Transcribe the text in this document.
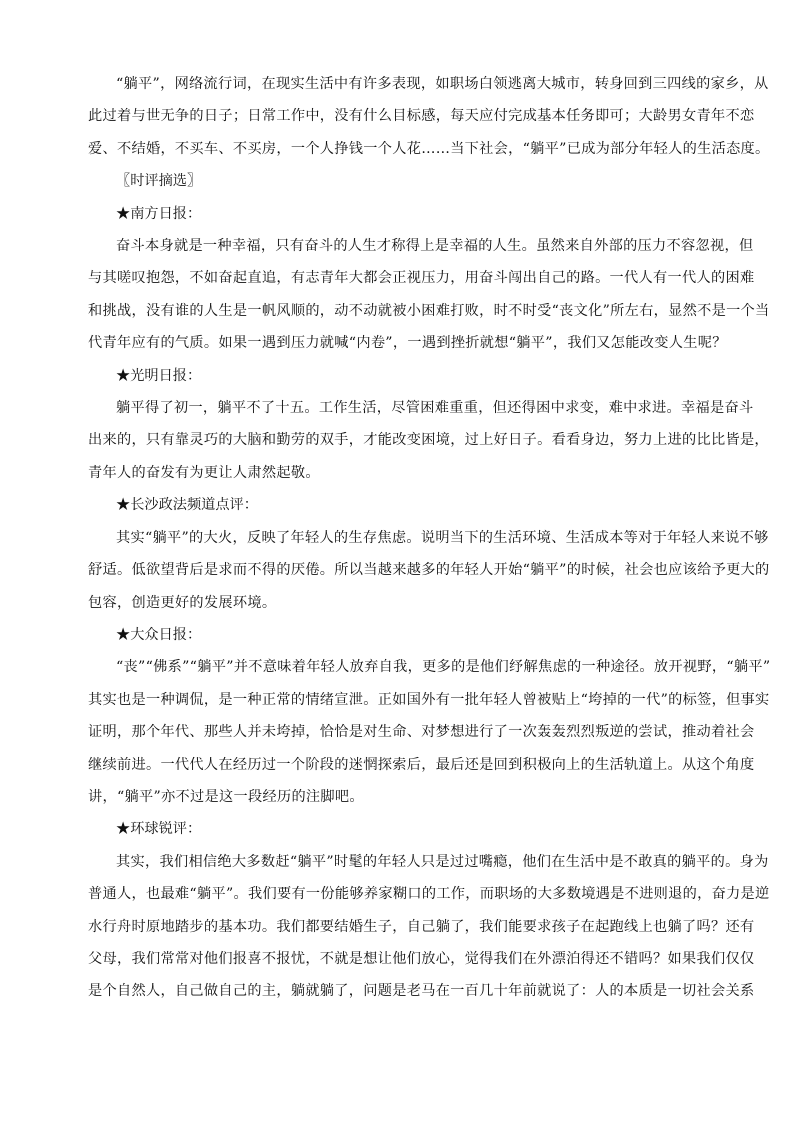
“躺平”，网络流行词，在现实生活中有许多表现，如职场白领逃离大城市，转身回到三四线的家乡，从
此过着与世无争的日子；日常工作中，没有什么目标感，每天应付完成基本任务即可；大龄男女青年不恋
爱、不结婚，不买车、不买房，一个人挣钱一个人花……当下社会，“躺平”已成为部分年轻人的生活态度。
〖时评摘选〗
★南方日报：
奋斗本身就是一种幸福，只有奋斗的人生才称得上是幸福的人生。虽然来自外部的压力不容忽视，但
与其嗟叹抱怨，不如奋起直追，有志青年大都会正视压力，用奋斗闯出自己的路。一代人有一代人的困难
和挑战，没有谁的人生是一帆风顺的，动不动就被小困难打败，时不时受“丧文化”所左右，显然不是一个当
代青年应有的气质。如果一遇到压力就喊“内卷”，一遇到挫折就想“躺平”，我们又怎能改变人生呢？
★光明日报：
躺平得了初一，躺平不了十五。工作生活，尽管困难重重，但还得困中求变，难中求进。幸福是奋斗
出来的，只有靠灵巧的大脑和勤劳的双手，才能改变困境，过上好日子。看看身边，努力上进的比比皆是，
青年人的奋发有为更让人肃然起敬。
★长沙政法频道点评：
其实“躺平”的大火，反映了年轻人的生存焦虑。说明当下的生活环境、生活成本等对于年轻人来说不够
舒适。低欲望背后是求而不得的厌倦。所以当越来越多的年轻人开始“躺平”的时候，社会也应该给予更大的
包容，创造更好的发展环境。
★大众日报：
“丧”“佛系”“躺平”并不意味着年轻人放弃自我，更多的是他们纾解焦虑的一种途径。放开视野，“躺平”
其实也是一种调侃，是一种正常的情绪宣泄。正如国外有一批年轻人曾被贴上“垮掉的一代”的标签，但事实
证明，那个年代、那些人并未垮掉，恰恰是对生命、对梦想进行了一次轰轰烈烈叛逆的尝试，推动着社会
继续前进。一代代人在经历过一个阶段的迷惘探索后，最后还是回到积极向上的生活轨道上。从这个角度
讲，“躺平”亦不过是这一段经历的注脚吧。
★环球锐评：
其实，我们相信绝大多数赶“躺平”时髦的年轻人只是过过嘴瘾，他们在生活中是不敢真的躺平的。身为
普通人，也最难“躺平”。我们要有一份能够养家糊口的工作，而职场的大多数境遇是不进则退的，奋力是逆
水行舟时原地踏步的基本功。我们都要结婚生子，自己躺了，我们能要求孩子在起跑线上也躺了吗？还有
父母，我们常常对他们报喜不报忧，不就是想让他们放心，觉得我们在外漂泊得还不错吗？如果我们仅仅
是个自然人，自己做自己的主，躺就躺了，问题是老马在一百几十年前就说了：人的本质是一切社会关系
